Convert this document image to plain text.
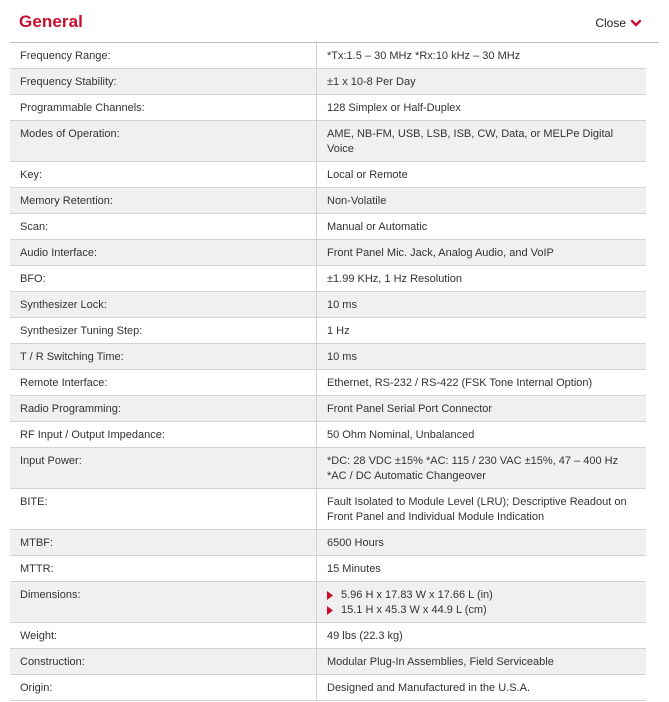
General	Close
Frequency Range:	*Tx:1.5 – 30 MHz *Rx:10 kHz – 30 MHz
Frequency Stability:	±1 x 10-8 Per Day
Programmable Channels:	128 Simplex or Half-Duplex
Modes of Operation:	AME, NB-FM, USB, LSB, ISB, CW, Data, or MELPe Digital Voice
Key:	Local or Remote
Memory Retention:	Non-Volatile
Scan:	Manual or Automatic
Audio Interface:	Front Panel Mic. Jack, Analog Audio, and VoIP
BFO:	±1.99 KHz, 1 Hz Resolution
Synthesizer Lock:	10 ms
Synthesizer Tuning Step:	1 Hz
T / R Switching Time:	10 ms
Remote Interface:	Ethernet, RS-232 / RS-422 (FSK Tone Internal Option)
Radio Programming:	Front Panel Serial Port Connector
RF Input / Output Impedance:	50 Ohm Nominal, Unbalanced
Input Power:	*DC: 28 VDC ±15% *AC: 115 / 230 VAC ±15%, 47 – 400 Hz
*AC / DC Automatic Changeover
BITE:	Fault Isolated to Module Level (LRU); Descriptive Readout on Front Panel and Individual Module Indication
MTBF:	6500 Hours
MTTR:	15 Minutes
Dimensions:	5.96 H x 17.83 W x 17.66 L (in)
15.1 H x 45.3 W x 44.9 L (cm)

Weight:	49 lbs (22.3 kg)
Construction:	Modular Plug-In Assemblies, Field Serviceable
Origin:	Designed and Manufactured in the U.S.A.
